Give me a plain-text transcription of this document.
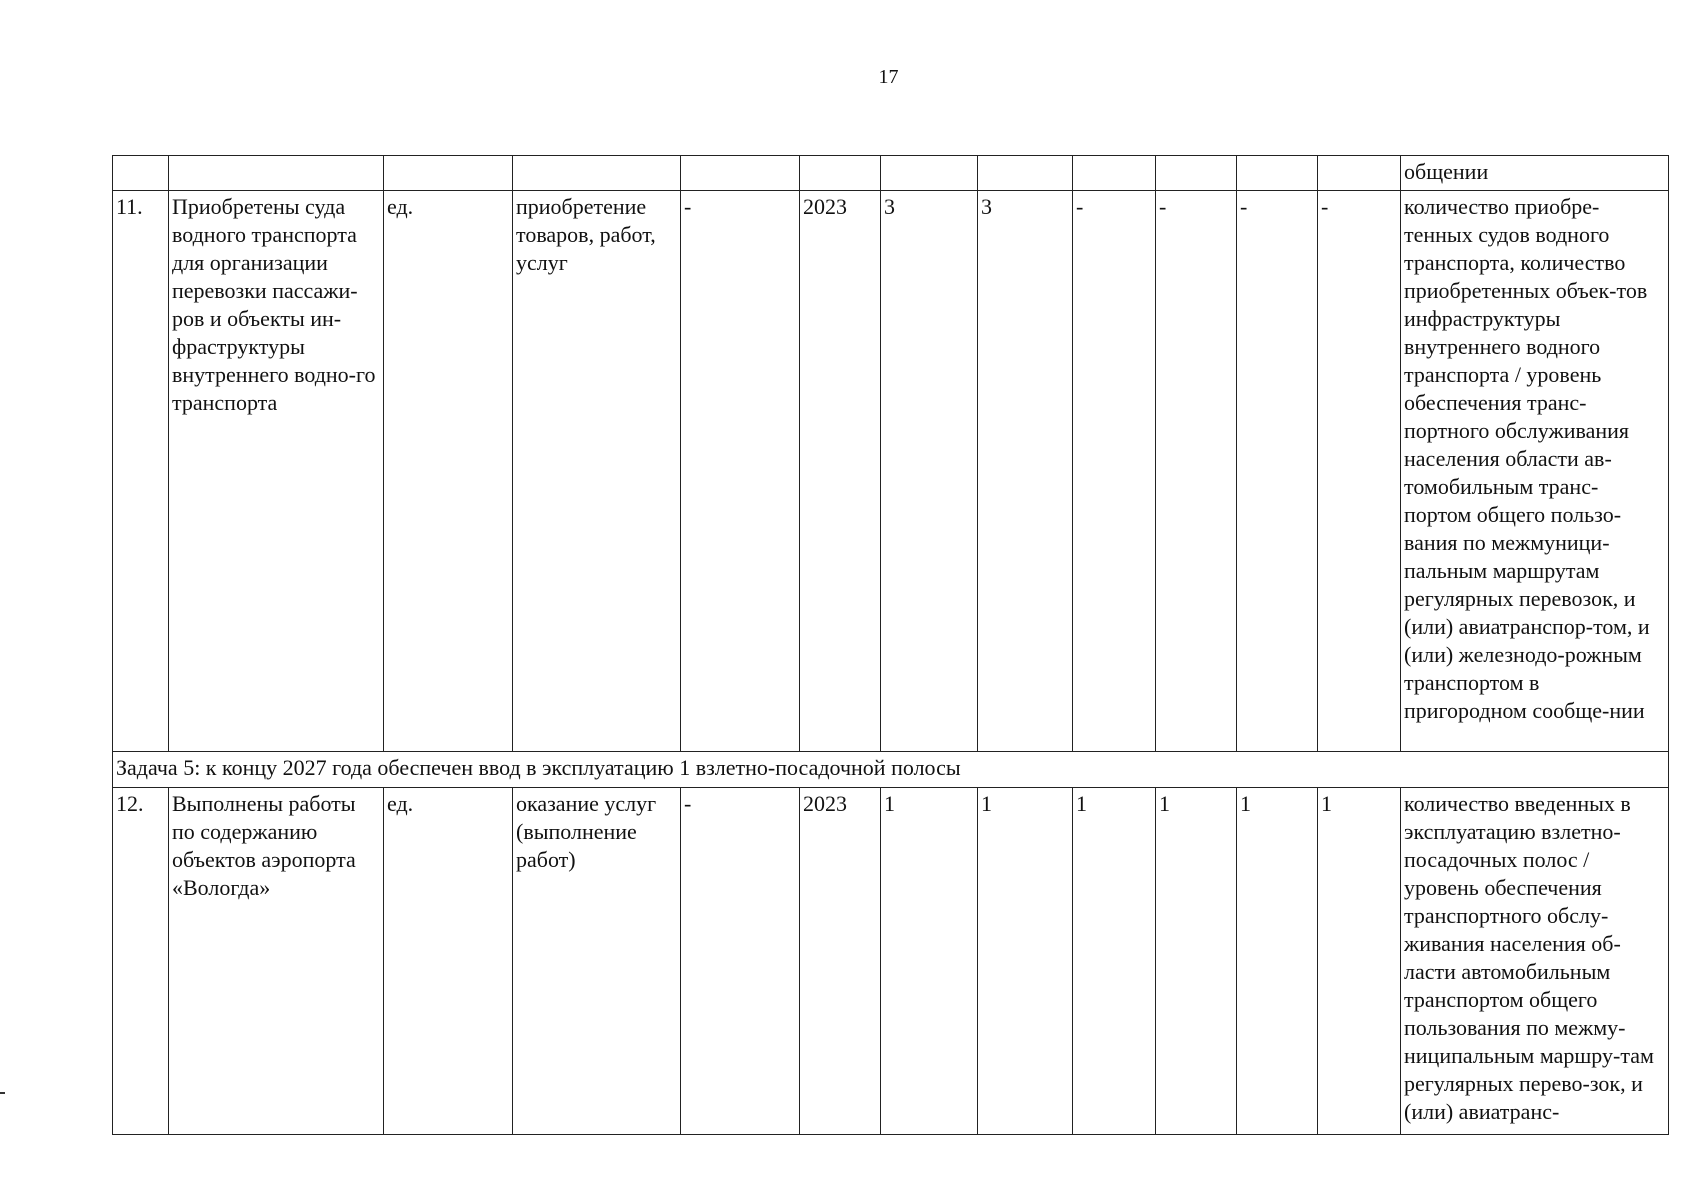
17
												общении
11.	Приобретены суда водного транспорта для организации перевозки пассажи-ров и объекты ин-фраструктуры внутреннего водно-го транспорта	ед.	приобретение товаров, работ, услуг	-	2023	3	3	-	-	-	-	количество приобре-тенных судов водного транспорта, количество приобретенных объек-тов инфраструктуры внутреннего водного транспорта / уровень обеспечения транс-портного обслуживания населения области ав-томобильным транс-портом общего пользо-вания по межмуници-пальным маршрутам регулярных перевозок, и (или) авиатранспор-том, и (или) железнодо-рожным транспортом в пригородном сообще-нии
Задача 5: к концу 2027 года обеспечен ввод в эксплуатацию 1 взлетно-посадочной полосы												
12.	Выполнены работы по содержанию объектов аэропорта «Вологда»	ед.	оказание услуг (выполнение работ)	-	2023	1	1	1	1	1	1	количество введенных в эксплуатацию взлетно-посадочных полос / уровень обеспечения транспортного обслу-живания населения об-ласти автомобильным транспортом общего пользования по межму-ниципальным маршру-там регулярных перево-зок, и (или) авиатранс-
